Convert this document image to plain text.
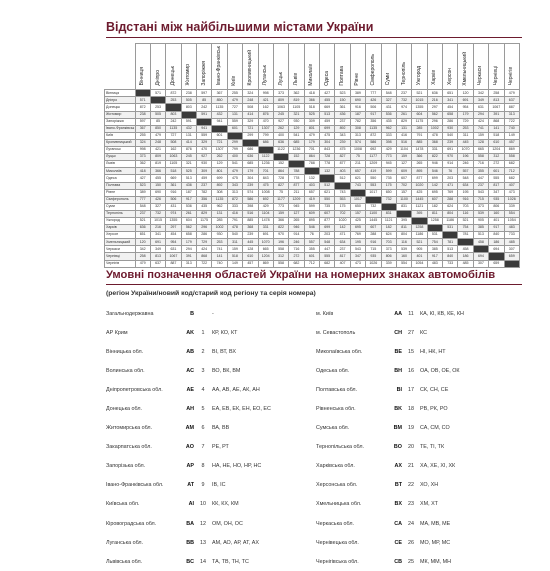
Відстані між найбільшими містами України
	Вінниця	Дніпро	Донецьк	Житомир	Запоріжжя	Івано-Франківськ	Київ	Кропивницький	Луганськ	Луцьк	Львів	Миколаїв	Одеса	Полтава	Рівне	Сімферополь	Суми	Тернопіль	Ужгород	Харків	Херсон	Хмельницький	Черкаси	Чернівці	Чернігів
Вінниця		571	872	238	597	367	255	324	998	373	362	418	427	523	389	777	548	237	521	636	651	120	342	258	479
Дніпро	571		253	505	85	850	479	248	421	809	819	366	455	150	690	426	327	732	1015	216	341	691	349	813	637
Донецьк	872	253		803	242	1135	727	508	162	1063	1105	518	669	361	916	506	431	974	1355	297	454	954	631	1067	887
Житомир	238	505	803		591	432	131	414	876	245	321	525	513	436	187	917	536	261	604	562	658	179	294	391	313
Запоріжжя	597	85	242	591		941	559	329	470	927	930	309	459	237	782	356	435	829	1175	296	286	729	424	868	722
Івано-Франківськ	367	850	1135	432	941		601	721	1307	262	129	801	699	892	308	1135	962	131	285	1002	930	253	741	141	740
Київ	255	479	727	131	559	601		299	799	400	541	479	475	343	313	872	333	416	791	478	540	311	159	518	149
Кропивницький	324	248	508	414	329	721	299		686	636	685	179	304	239	574	586	398	516	885	368	239	445	128	610	457
Луганськ	998	421	162	876	470	1307	799	686		1122	1236	701	843	475	1008	692	429	1104	1478	331	691	1070	665	1204	869
Луцьк	373	809	1063	245	927	262	400	636	1122		152	864	728	827	75	1177	773	159	366	822	970	196	558	312	558
Львів	362	819	1105	321	930	129	541	685	1236	152		788	778	877	211	1209	945	127	265	946	914	246	716	272	682
Миколаїв	418	366	518	525	309	801	479	179	701	864	788		132	403	657	419	599	609	895	546	76	557	355	601	712
Одеса	427	455	669	513	459	699	475	304	843	728	778	132		512	621	550	735	607	877	699	203	548	447	555	682
Полтава	523	150	361	436	237	892	343	239	475	827	877	403	512		743	553	175	702	1020	142	471	634	237	817	407
Рівне	389	690	916	187	782	308	313	574	1008	75	211	657	621	743		1017	650	157	425	695	769	195	543	347	473
Сімферополь	777	426	506	917	356	1135	872	586	692	1177	1209	419	550	553	1017		732	1100	1445	607	288	916	715	935	1026
Суми	548	327	431	536	435	962	333	398	429	773	945	599	735	175	650	732		831	1121	182	624	703	373	806	339
Тернопіль	237	732	974	261	829	131	416	516	1104	159	127	609	607	702	157	1100	831		395	811	804	116	539	160	554
Ужгород	521	1015	1355	604	1175	285	791	885	1478	366	265	895	877	1020	425	1445	1121	395		1258	1186	521	905	401	1054
Харків	636	216	297	562	296	1002	478	368	331	822	946	546	699	142	695	607	182	811	1258		531	754	385	917	483
Херсон	651	341	454	658	286	930	540	239	691	970	914	76	203	471	769	288	624	804	1186	531		781	513	840	733
Хмельницький	120	691	954	179	729	253	311	445	1070	196	246	557	548	634	195	916	703	116	521	754	781		458	186	485
Черкаси	342	349	631	294	424	741	159	128	665	558	716	355	447	237	543	715	373	539	905	385	513	458		694	307
Чернівці	258	813	1067	391	868	141	518	610	1204	312	272	601	555	817	347	935	806	160	401	917	840	186	694		659
Чернігів	479	637	887	313	722	740	149	457	869	558	682	712	682	407	473	1026	339	554	1054	483	733	485	307	659	
Умовні позначення областей України на номерних знаках автомобілів
(регіон України/новий код/старий код регіону та серія номера)
Загальнодержавна	B	-
АР Крим	AK	1	КР, КО, КТ
Вінницька обл.	AB	2	ВІ, ВТ, ВХ
Волинська обл.	AC	3	ВО, ВК, ВМ
Дніпропетровська обл.	AE	4	АА, АВ, АЕ, АК, АН
Донецька обл.	AH	5	ЕА, ЕВ, ЕК, ЕН, ЕО, ЕС
Житомирська обл.	AM	6	ВА, ВВ
Закарпатська обл.	AO	7	РЕ, РТ
Запорізька обл.	AP	8	НА, НЕ, НО, НР, НС
Івано-Франківська обл.	AT	9	ІВ, ІС
Київська обл.	AI	10	КК, КХ, КМ
Кіровоградська обл.	BA	12	ОМ, ОН, ОС
Луганська обл.	BB	13	АМ, АО, АР, АТ, АХ
Львівська обл.	BC	14	ТА, ТВ, ТН, ТС
м. Київ	AA	11	КА, КІ, КВ, КЕ, КН
м. Севастополь	CH	27	КС
Миколаївська обл.	BE	15	НІ, НК, НТ
Одеська обл.	BH	16	ОА, ОВ, ОЕ, ОК
Полтавська обл.	BI	17	СК, СН, СЕ
Рівненська обл.	BK	18	РВ, РК, РО
Сумська обл.	BM	19	СА, СМ, СО
Тернопільська обл.	BO	20	ТЕ, ТІ, ТК
Харківська обл.	AX	21	ХА, ХЕ, ХІ, ХК
Херсонська обл.	BT	22	ХО, ХН
Хмельницька обл.	BX	23	ХМ, ХТ
Черкаська обл.	CA	24	МА, МВ, МЕ
Чернівецька обл.	CE	26	МО, МР, МС
Чернігівська обл.	CB	25	МК, ММ, МН
